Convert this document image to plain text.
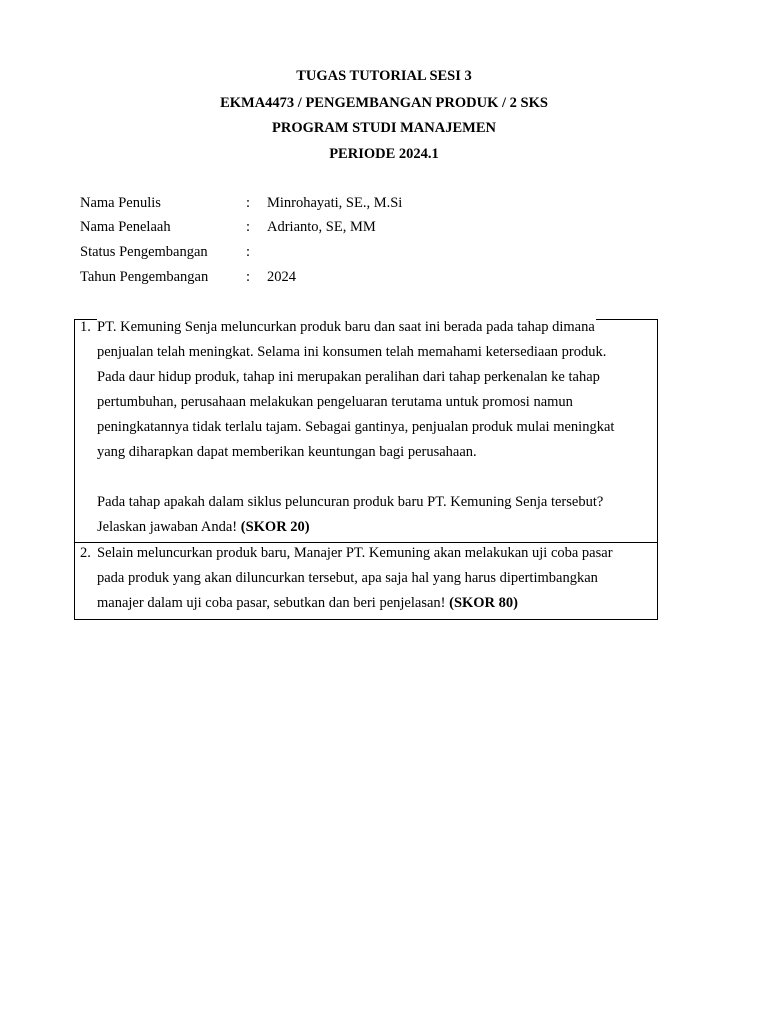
TUGAS TUTORIAL SESI 3
EKMA4473 / PENGEMBANGAN PRODUK / 2 SKS
PROGRAM STUDI MANAJEMEN
PERIODE 2024.1
Nama Penulis	: Minrohayati, SE., M.Si
Nama Penelaah	: Adrianto, SE, MM
Status Pengembangan	:
Tahun Pengembangan	: 2024
1. PT. Kemuning Senja meluncurkan produk baru dan saat ini berada pada tahap dimana
penjualan telah meningkat. Selama ini konsumen telah memahami ketersediaan produk.
Pada daur hidup produk, tahap ini merupakan peralihan dari tahap perkenalan ke tahap
pertumbuhan, perusahaan melakukan pengeluaran terutama untuk promosi namun
peningkatannya tidak terlalu tajam. Sebagai gantinya, penjualan produk mulai meningkat
yang diharapkan dapat memberikan keuntungan bagi perusahaan.
Pada tahap apakah dalam siklus peluncuran produk baru PT. Kemuning Senja tersebut?
Jelaskan jawaban Anda! (SKOR 20)
2. Selain meluncurkan produk baru, Manajer PT. Kemuning akan melakukan uji coba pasar
pada produk yang akan diluncurkan tersebut, apa saja hal yang harus dipertimbangkan
manajer dalam uji coba pasar, sebutkan dan beri penjelasan! (SKOR 80)
